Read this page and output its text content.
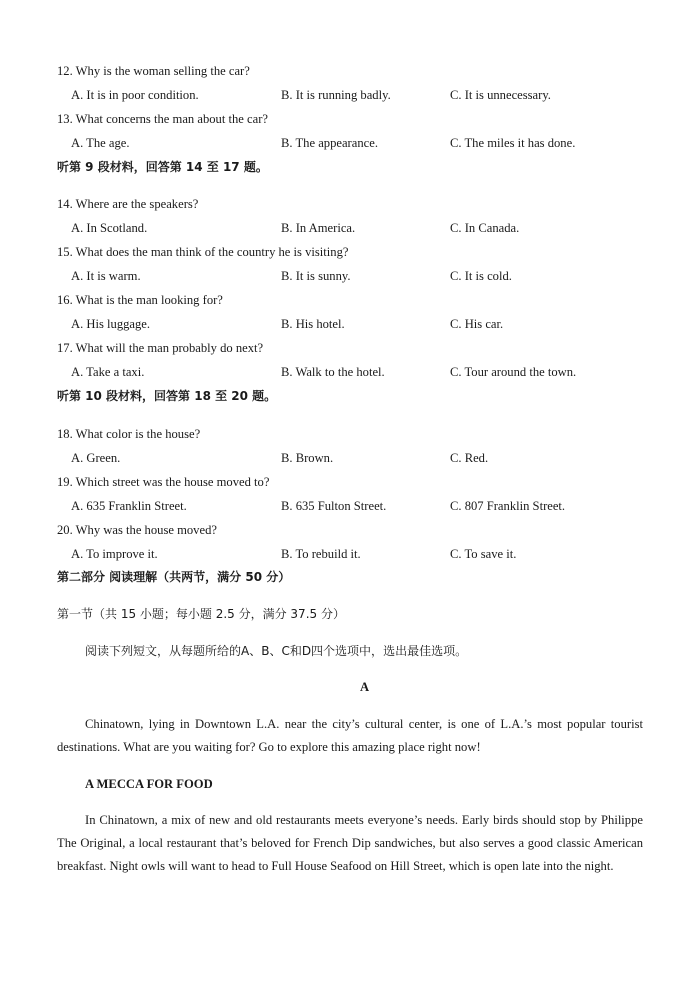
12. Why is the woman selling the car?
A. It is in poor condition.	B. It is running badly.	C. It is unnecessary.
13. What concerns the man about the car?
A. The age.	B. The appearance.	C. The miles it has done.
听第 9 段材料，回答第 14 至 17 题。
14. Where are the speakers?
A. In Scotland.	B. In America.	C. In Canada.
15. What does the man think of the country he is visiting?
A. It is warm.	B. It is sunny.	C. It is cold.
16. What is the man looking for?
A. His luggage.	B. His hotel.	C. His car.
17. What will the man probably do next?
A. Take a taxi.	B. Walk to the hotel.	C. Tour around the town.
听第 10 段材料，回答第 18 至 20 题。
18. What color is the house?
A. Green.	B. Brown.	C. Red.
19. Which street was the house moved to?
A. 635 Franklin Street.	B. 635 Fulton Street.	C. 807 Franklin Street.
20. Why was the house moved?
A. To improve it.	B. To rebuild it.	C. To save it.
第二部分 阅读理解（共两节，满分 50 分）
第一节（共 15 小题；每小题 2.5 分，满分 37.5 分）
阅读下列短文，从每题所给的A、B、C和D四个选项中，选出最佳选项。
A
Chinatown, lying in Downtown L.A. near the city’s cultural center, is one of L.A.’s most popular tourist destinations. What are you waiting for? Go to explore this amazing place right now!
A MECCA FOR FOOD
In Chinatown, a mix of new and old restaurants meets everyone’s needs. Early birds should stop by Philippe The Original, a local restaurant that’s beloved for French Dip sandwiches, but also serves a good classic American breakfast. Night owls will want to head to Full House Seafood on Hill Street, which is open late into the night.
